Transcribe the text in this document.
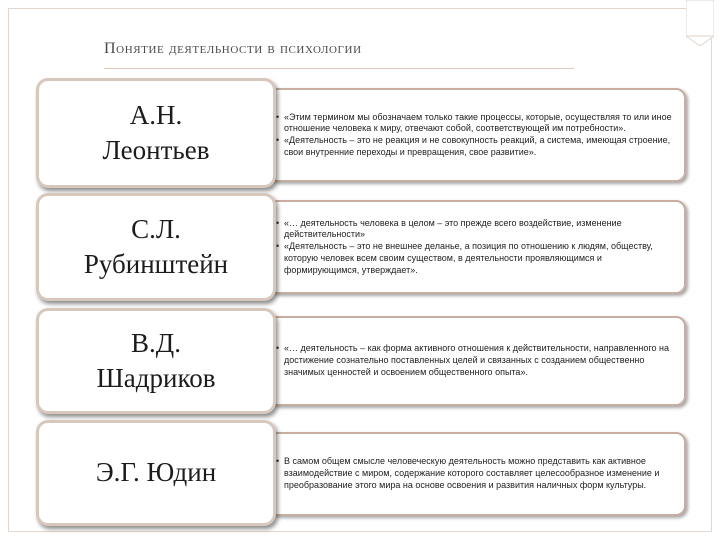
Понятие деятельности в психологии
• «Этим термином мы обозначаем только такие процессы, которые, осуществляя то или иное отношение человека к миру, отвечают собой, соответствующей им потребности».
• «Деятельность – это не реакция и не совокупность реакций, а система, имеющая строение, свои внутренние переходы и превращения, свое развитие».
А.Н.
Леонтьев
• «… деятельность человека в целом – это прежде всего воздействие, изменение действительности»
• «Деятельность – это не внешнее деланье, а позиция по отношению к людям, обществу, которую человек всем своим существом, в деятельности проявляющимся и формирующимся, утверждает».
С.Л.
Рубинштейн
• «… деятельность – как форма активного отношения к действительности, направленного на достижение сознательно поставленных целей и связанных с созданием общественно значимых ценностей и освоением общественного опыта».
В.Д.
Шадриков
• В самом общем смысле человеческую деятельность можно представить как активное взаимодействие с миром, содержание которого составляет целесообразное изменение и преобразование этого мира на основе освоения и развития наличных форм культуры.
Э.Г. Юдин
